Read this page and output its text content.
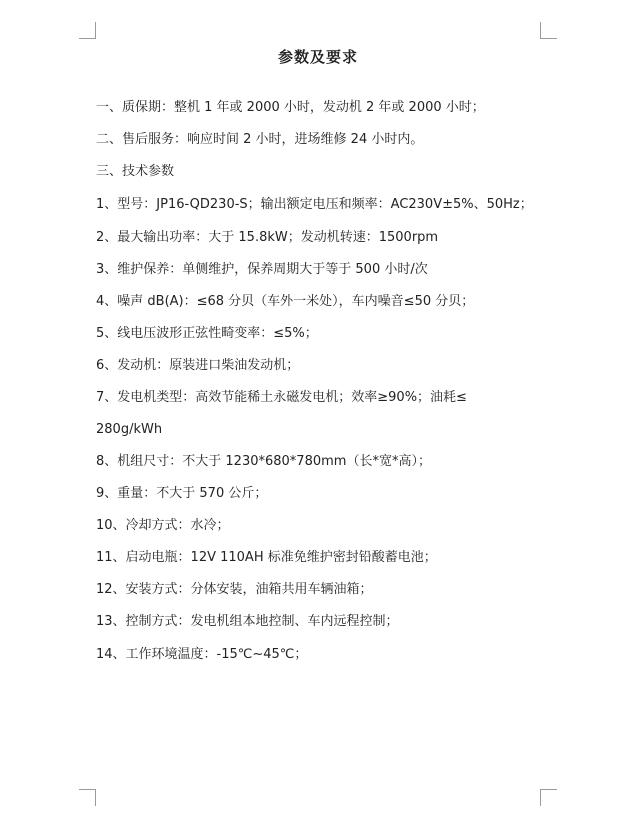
参数及要求
一、质保期：整机 1 年或 2000 小时，发动机 2 年或 2000 小时；
二、售后服务：响应时间 2 小时，进场维修 24 小时内。
三、技术参数
1、型号：JP16-QD230-S；输出额定电压和频率：AC230V±5%、50Hz；
2、最大输出功率：大于 15.8kW；发动机转速：1500rpm
3、维护保养：单侧维护，保养周期大于等于 500 小时/次
4、噪声 dB(A)：≤68 分贝（车外一米处），车内噪音≤50 分贝；
5、线电压波形正弦性畸变率：≤5%；
6、发动机：原装进口柴油发动机；
7、发电机类型：高效节能稀土永磁发电机；效率≥90%；油耗≤
280g/kWh
8、机组尺寸：不大于 1230*680*780mm（长*宽*高）；
9、重量：不大于 570 公斤；
10、冷却方式：水冷；
11、启动电瓶：12V 110AH 标准免维护密封铅酸蓄电池；
12、安装方式：分体安装，油箱共用车辆油箱；
13、控制方式：发电机组本地控制、车内远程控制；
14、工作环境温度：-15℃~45℃；
